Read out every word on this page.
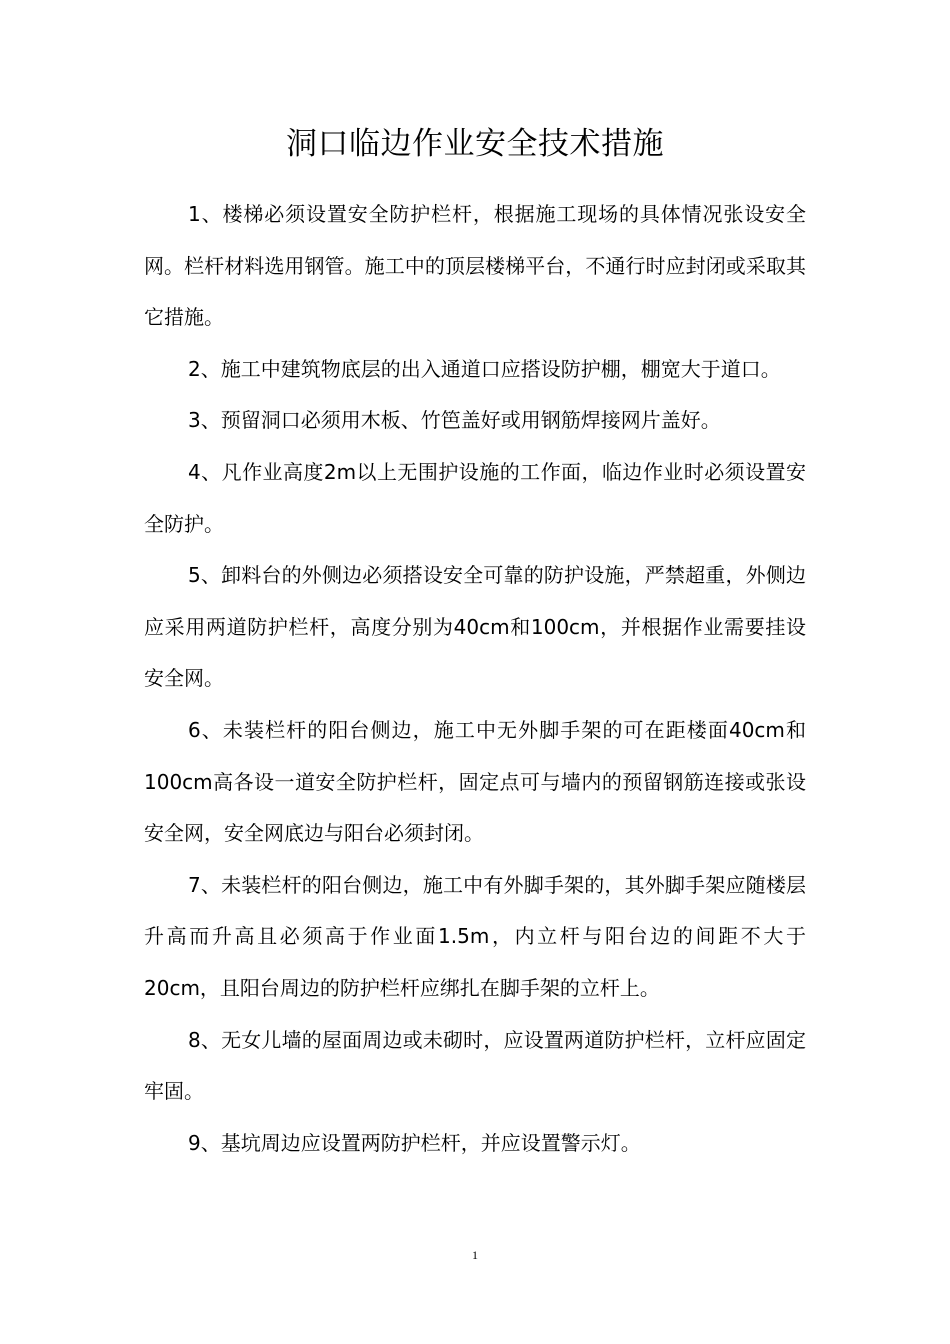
洞口临边作业安全技术措施

1、楼梯必须设置安全防护栏杆，根据施工现场的具体情况张设安全网。栏杆材料选用钢管。施工中的顶层楼梯平台，不通行时应封闭或采取其它措施。

2、施工中建筑物底层的出入通道口应搭设防护棚，棚宽大于道口。

3、预留洞口必须用木板、竹笆盖好或用钢筋焊接网片盖好。

4、凡作业高度2m以上无围护设施的工作面，临边作业时必须设置安全防护。

5、卸料台的外侧边必须搭设安全可靠的防护设施，严禁超重，外侧边应采用两道防护栏杆，高度分别为40cm和100cm，并根据作业需要挂设安全网。

6、未装栏杆的阳台侧边，施工中无外脚手架的可在距楼面40cm和100cm高各设一道安全防护栏杆，固定点可与墙内的预留钢筋连接或张设安全网，安全网底边与阳台必须封闭。

7、未装栏杆的阳台侧边，施工中有外脚手架的，其外脚手架应随楼层升高而升高且必须高于作业面1.5m，内立杆与阳台边的间距不大于20cm，且阳台周边的防护栏杆应绑扎在脚手架的立杆上。

8、无女儿墙的屋面周边或未砌时，应设置两道防护栏杆，立杆应固定牢固。

9、基坑周边应设置两防护栏杆，并应设置警示灯。

1
